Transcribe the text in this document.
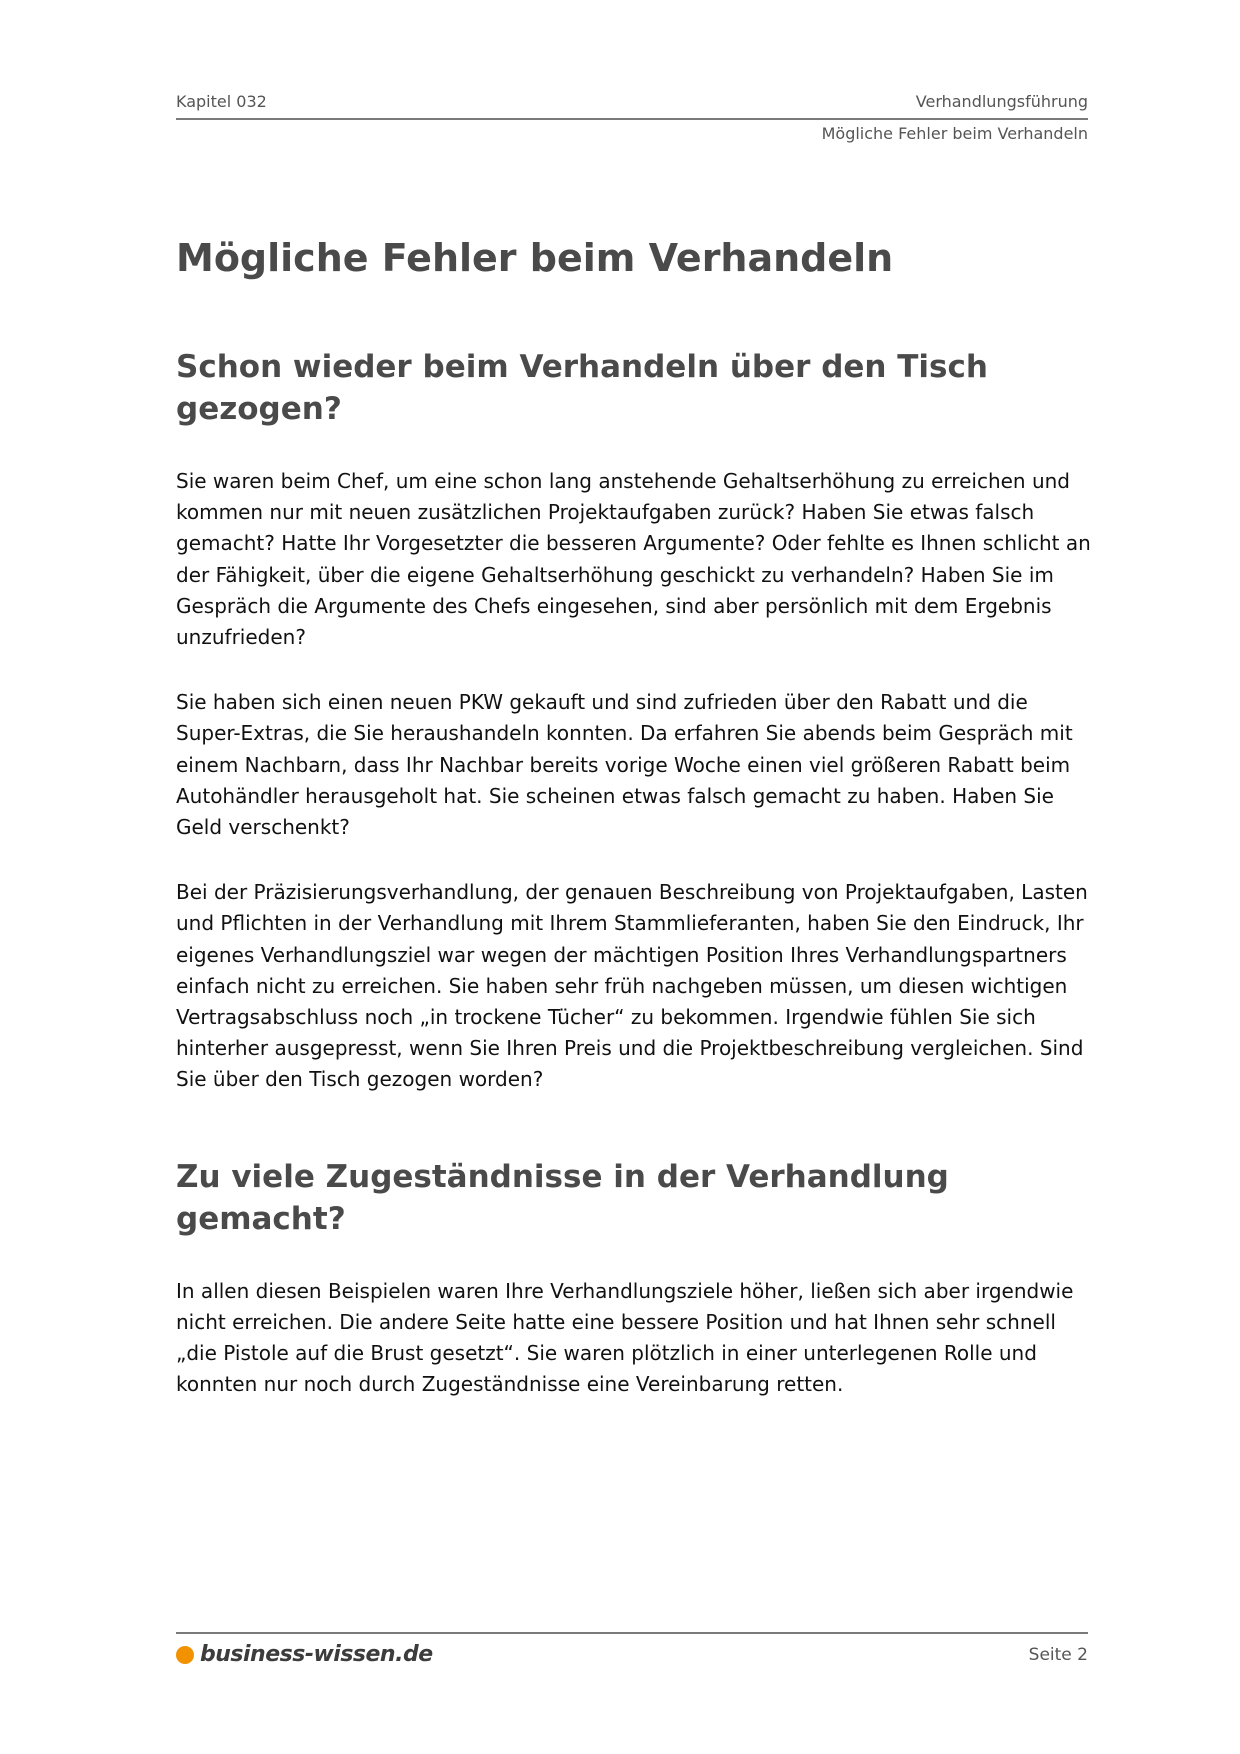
Kapitel 032	Verhandlungsführung
Mögliche Fehler beim Verhandeln
Mögliche Fehler beim Verhandeln
Schon wieder beim Verhandeln über den Tisch gezogen?

Sie waren beim Chef, um eine schon lang anstehende Gehaltserhöhung zu erreichen und kommen nur mit neuen zusätzlichen Projektaufgaben zurück? Haben Sie etwas falsch gemacht? Hatte Ihr Vorgesetzter die besseren Argumente? Oder fehlte es Ihnen schlicht an der Fähigkeit, über die eigene Gehaltserhöhung geschickt zu verhandeln? Haben Sie im Gespräch die Argumente des Chefs eingesehen, sind aber persönlich mit dem Ergebnis unzufrieden?

Sie haben sich einen neuen PKW gekauft und sind zufrieden über den Rabatt und die Super-Extras, die Sie heraushandeln konnten. Da erfahren Sie abends beim Gespräch mit einem Nachbarn, dass Ihr Nachbar bereits vorige Woche einen viel größeren Rabatt beim Autohändler herausgeholt hat. Sie scheinen etwas falsch gemacht zu haben. Haben Sie Geld verschenkt?

Bei der Präzisierungsverhandlung, der genauen Beschreibung von Projektaufgaben, Lasten und Pflichten in der Verhandlung mit Ihrem Stammlieferanten, haben Sie den Eindruck, Ihr eigenes Verhandlungsziel war wegen der mächtigen Position Ihres Verhandlungspartners einfach nicht zu erreichen. Sie haben sehr früh nachgeben müssen, um diesen wichtigen Vertragsabschluss noch „in trockene Tücher“ zu bekommen. Irgendwie fühlen Sie sich hinterher ausgepresst, wenn Sie Ihren Preis und die Projektbeschreibung vergleichen. Sind Sie über den Tisch gezogen worden?

Zu viele Zugeständnisse in der Verhandlung gemacht?

In allen diesen Beispielen waren Ihre Verhandlungsziele höher, ließen sich aber irgendwie nicht erreichen. Die andere Seite hatte eine bessere Position und hat Ihnen sehr schnell „die Pistole auf die Brust gesetzt“. Sie waren plötzlich in einer unterlegenen Rolle und konnten nur noch durch Zugeständnisse eine Vereinbarung retten.

business-wissen.de	Seite 2
